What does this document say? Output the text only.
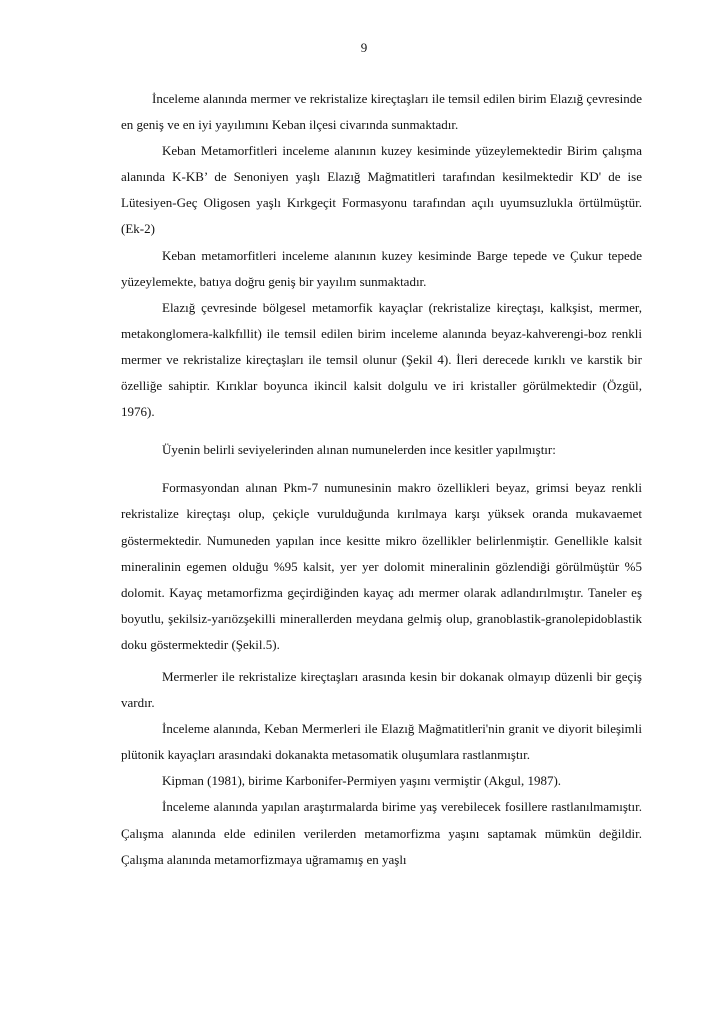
9

İnceleme alanında mermer ve rekristalize kireçtaşları ile temsil edilen birim Elazığ çevresinde en geniş ve en iyi yayılımını Keban ilçesi civarında sunmaktadır.

Keban Metamorfitleri inceleme alanının kuzey kesiminde yüzeylemektedir Birim çalışma alanında K-KB’ de Senoniyen yaşlı Elazığ Mağmatitleri tarafından kesilmektedir KD' de ise Lütesiyen-Geç Oligosen yaşlı Kırkgeçit Formasyonu tarafından açılı uyumsuzlukla örtülmüştür.(Ek-2)

Keban metamorfitleri inceleme alanının kuzey kesiminde Barge tepede ve Çukur tepede yüzeylemekte, batıya doğru geniş bir yayılım sunmaktadır.

Elazığ çevresinde bölgesel metamorfik kayaçlar (rekristalize kireçtaşı, kalkşist, mermer, metakonglomera-kalkfıllit) ile temsil edilen birim inceleme alanında beyaz-kahverengi-boz renkli mermer ve rekristalize kireçtaşları ile temsil olunur (Şekil 4). İleri derecede kırıklı ve karstik bir özelliğe sahiptir. Kırıklar boyunca ikincil kalsit dolgulu ve iri kristaller görülmektedir (Özgül, 1976).

Üyenin belirli seviyelerinden alınan numunelerden ince kesitler yapılmıştır:

Formasyondan alınan Pkm-7 numunesinin makro özellikleri beyaz, grimsi beyaz renkli rekristalize kireçtaşı olup, çekiçle vurulduğunda kırılmaya karşı yüksek oranda mukavaemet göstermektedir. Numuneden yapılan ince kesitte mikro özellikler belirlenmiştir. Genellikle kalsit mineralinin egemen olduğu %95 kalsit, yer yer dolomit mineralinin gözlendiği görülmüştür %5 dolomit. Kayaç metamorfizma geçirdiğinden kayaç adı mermer olarak adlandırılmıştır. Taneler eş boyutlu, şekilsiz-yarıözşekilli minerallerden meydana gelmiş olup, granoblastik-granolepidoblastik doku göstermektedir (Şekil.5).

Mermerler ile rekristalize kireçtaşları arasında kesin bir dokanak olmayıp düzenli bir geçiş vardır.

İnceleme alanında, Keban Mermerleri ile Elazığ Mağmatitleri'nin granit ve diyorit bileşimli plütonik kayaçları arasındaki dokanakta metasomatik oluşumlara rastlanmıştır.

Kipman (1981), birime Karbonifer-Permiyen yaşını vermiştir (Akgul, 1987).

İnceleme alanında yapılan araştırmalarda birime yaş verebilecek fosillere rastlanılmamıştır. Çalışma alanında elde edinilen verilerden metamorfizma yaşını saptamak mümkün değildir. Çalışma alanında metamorfizmaya uğramamış en yaşlı
